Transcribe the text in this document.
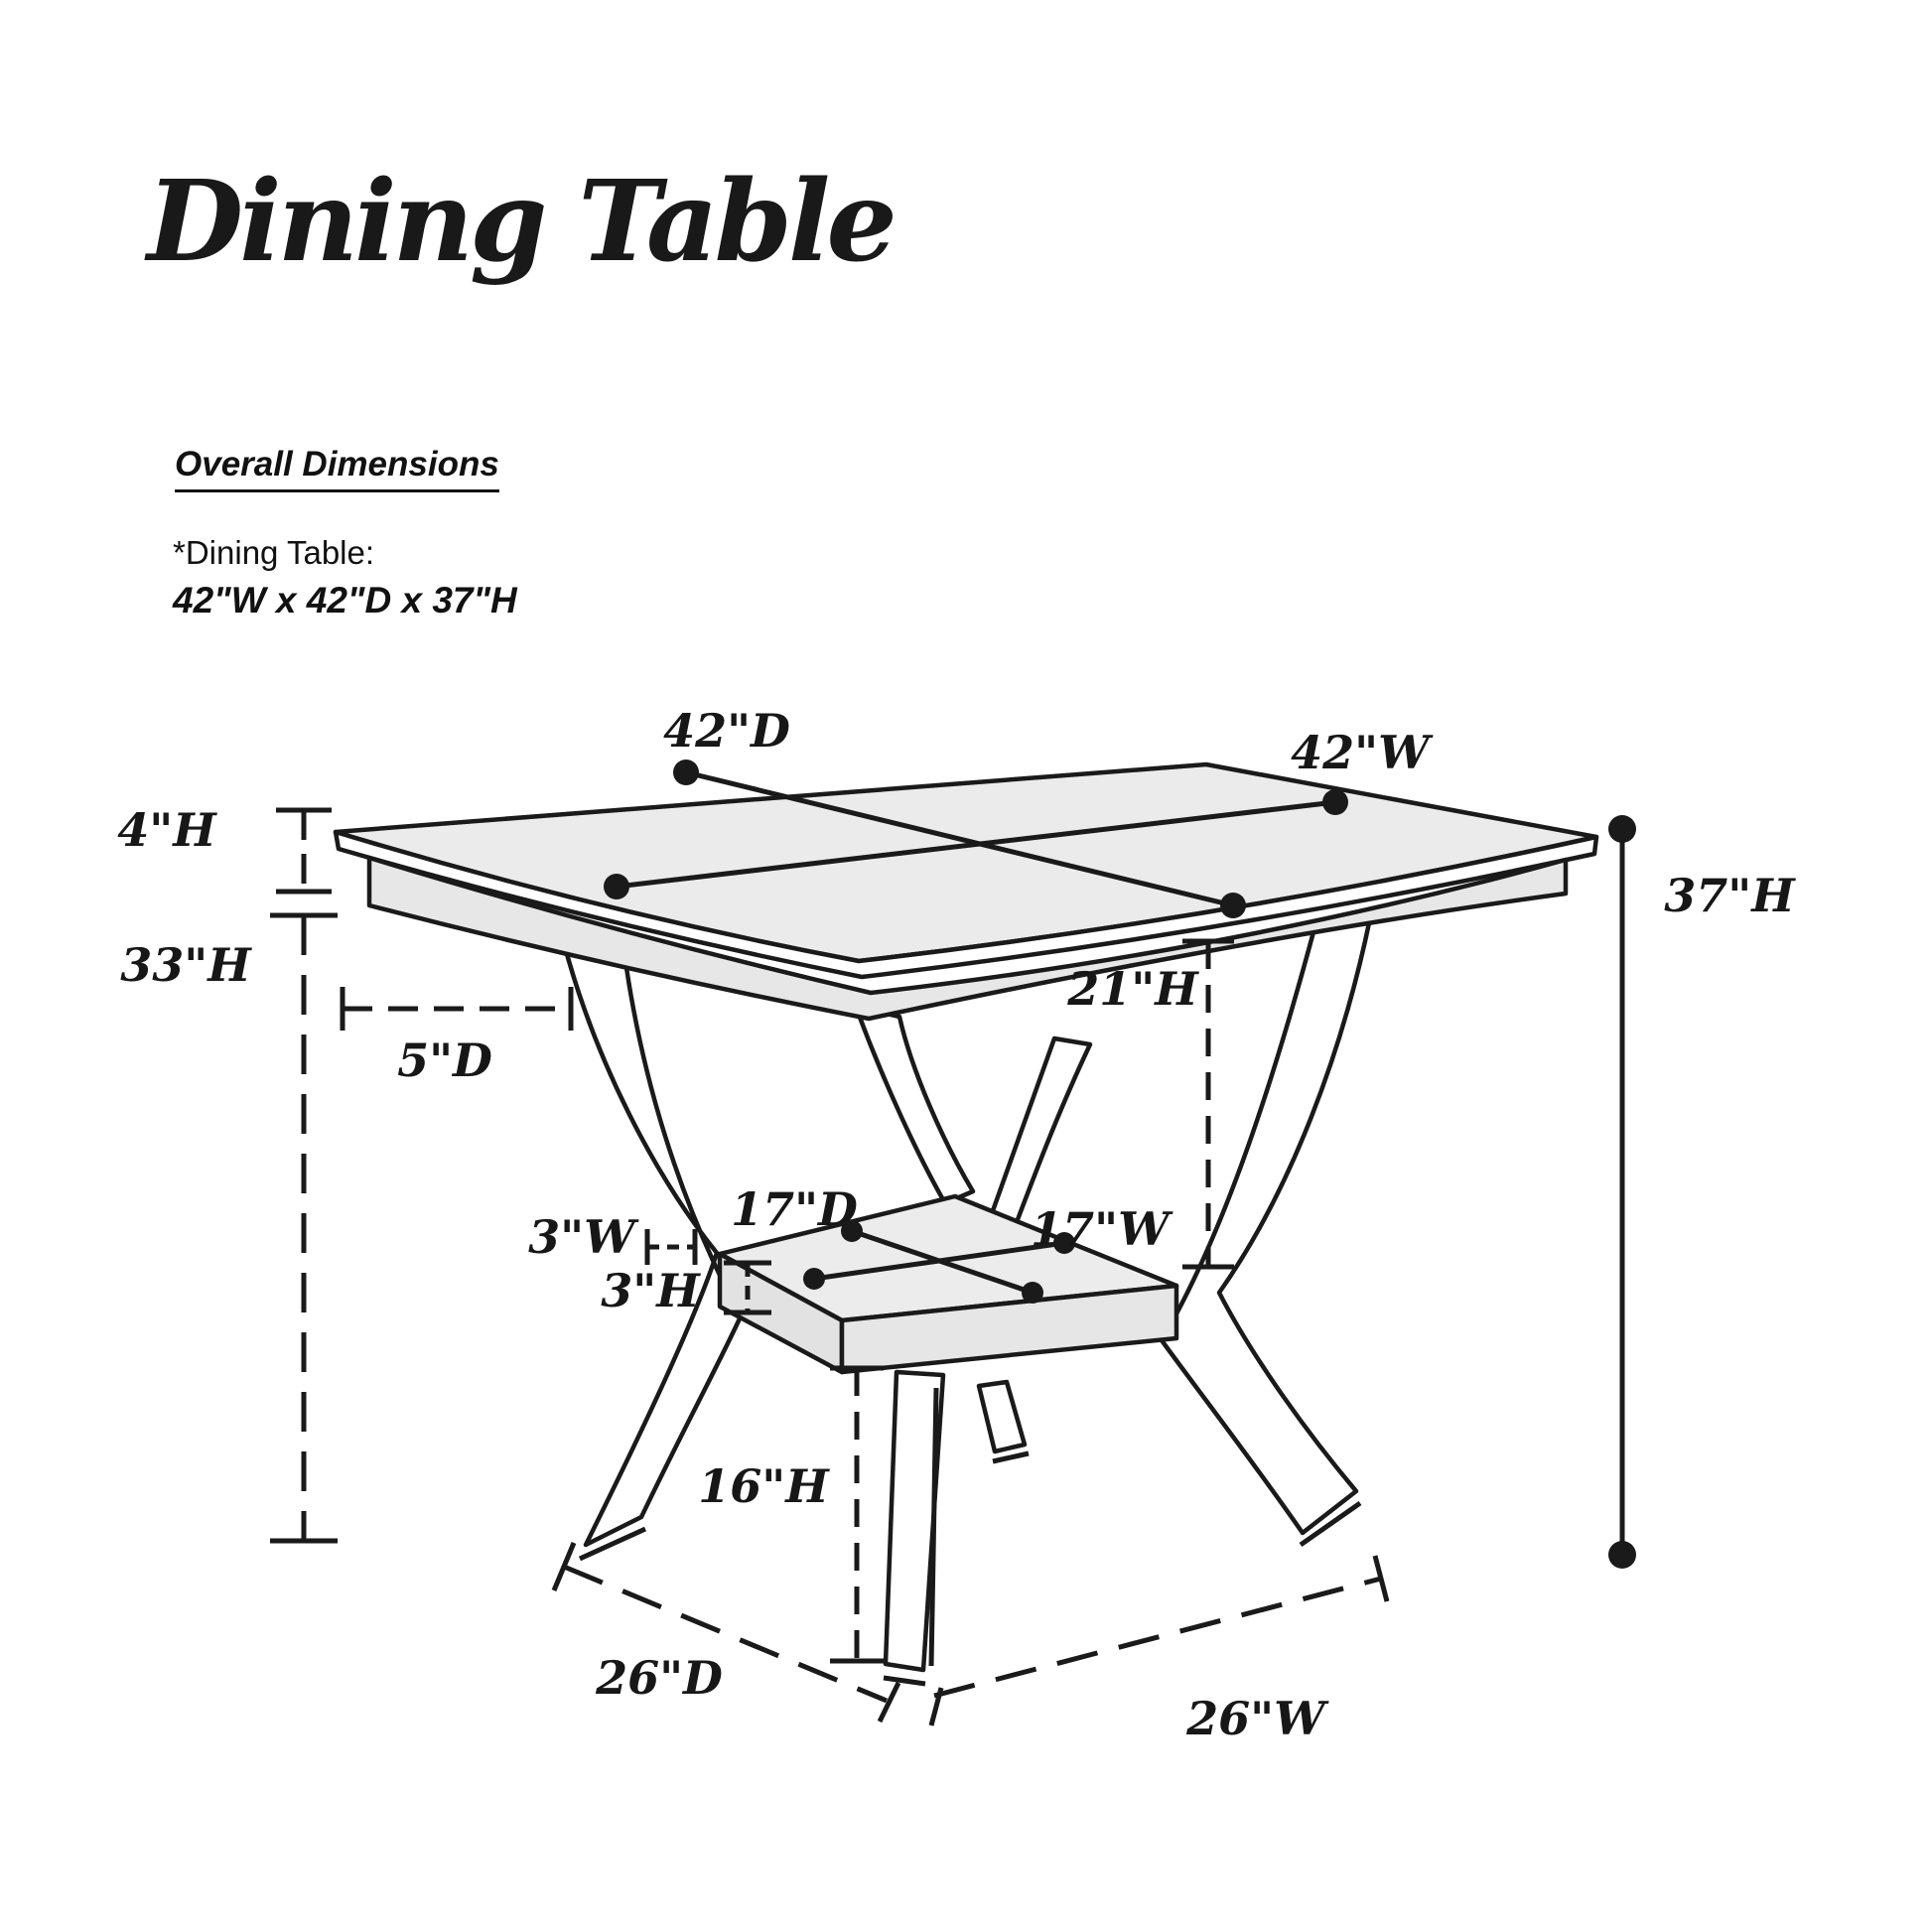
Dining Table
Overall Dimensions
*Dining Table:
42"W x 42"D x 37"H
42"D	42"W
4"H
33"H
5"D
37"H
21"H
3"W
17"D	17"W
3"H
16"H
26"D
26"W
